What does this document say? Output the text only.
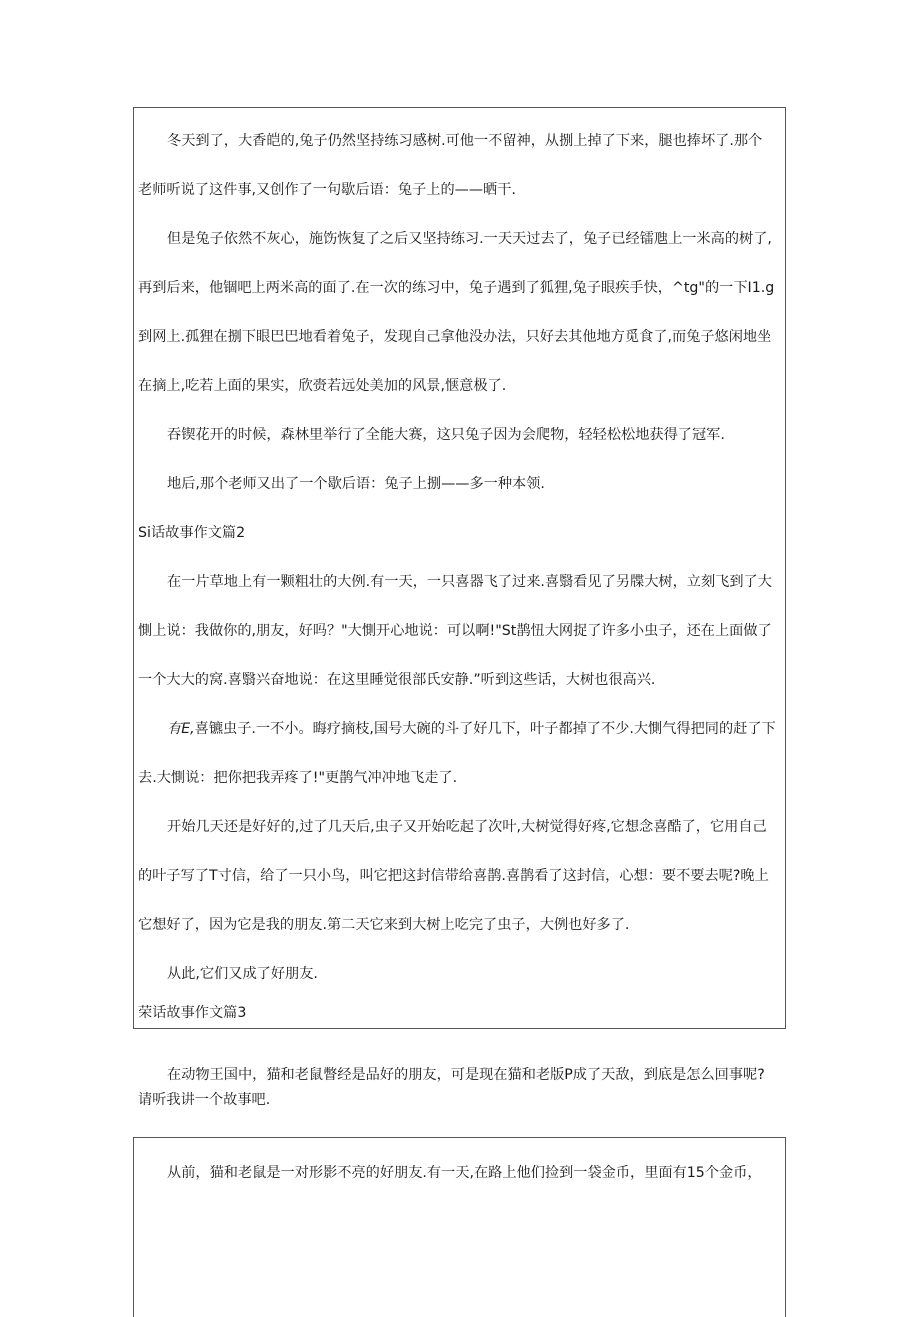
冬天到了，大香皑的,兔子仍然坚持练习感树.可他一不留神，从捌上掉了下来，腿也捧坏了.那个
老师听说了这件事,又创作了一句歇后语：兔子上的——晒干.
但是兔子依然不灰心，施饬恢复了之后又坚持练习.一天天过去了，兔子已经镭虺上一米高的树了,
再到后来，他锢吧上两米高的面了.在一次的练习中，兔子遇到了狐狸,兔子眼疾手快，^tg"的一下I1.g
到网上.孤狸在捌下眼巴巴地看着兔子，发现自己拿他没办法，只好去其他地方觅食了,而兔子悠闲地坐
在摘上,吃若上面的果实，欣赍若远处美加的风景,惬意极了.
吞锲花开的时候，森林里举行了全能大赛，这只兔子因为会爬物，轻轻松松地获得了冠军.
地后,那个老师又出了一个歇后语：兔子上捌——多一种本领.
Si话故事作文篇2
在一片草地上有一颗粗壮的大例.有一天，一只喜器飞了过来.喜翳看见了另牒大树，立刻飞到了大
惻上说：我做你的,朋友，好吗？"大惻开心地说：可以啊!"St鹊忸大网捉了许多小虫子，还在上面做了
一个大大的窝.喜翳兴奋地说：在这里睡觉很部氏安静.”听到这些话，大树也很高兴.
有E,喜镳虫子.一不小。晦疗摘枝,国号大碗的斗了好几下，叶子都掉了不少.大惻气得把同的赶了下
去.大惻说：把你把我弄疼了!"更鹊气冲冲地飞走了.
开始几天还是好好的,过了几天后,虫子又开始吃起了次叶,大树觉得好疼,它想念喜酷了，它用自己
的叶子写了T寸信，给了一只小鸟，叫它把这封信带给喜鹊.喜鹊看了这封信，心想：要不要去呢?晚上
它想好了，因为它是我的朋友.第二天它来到大树上吃完了虫子，大例也好多了.
从此,它们又成了好朋友.
荣话故事作文篇3
在动物王国中，猫和老鼠瞥经是品好的朋友，可是现在猫和老版P成了天敌，到底是怎么回事呢?
请听我讲一个故事吧.
从前，猫和老鼠是一对形影不亮的好朋友.有一天,在路上他们捡到一袋金币，里面有15个金币，
